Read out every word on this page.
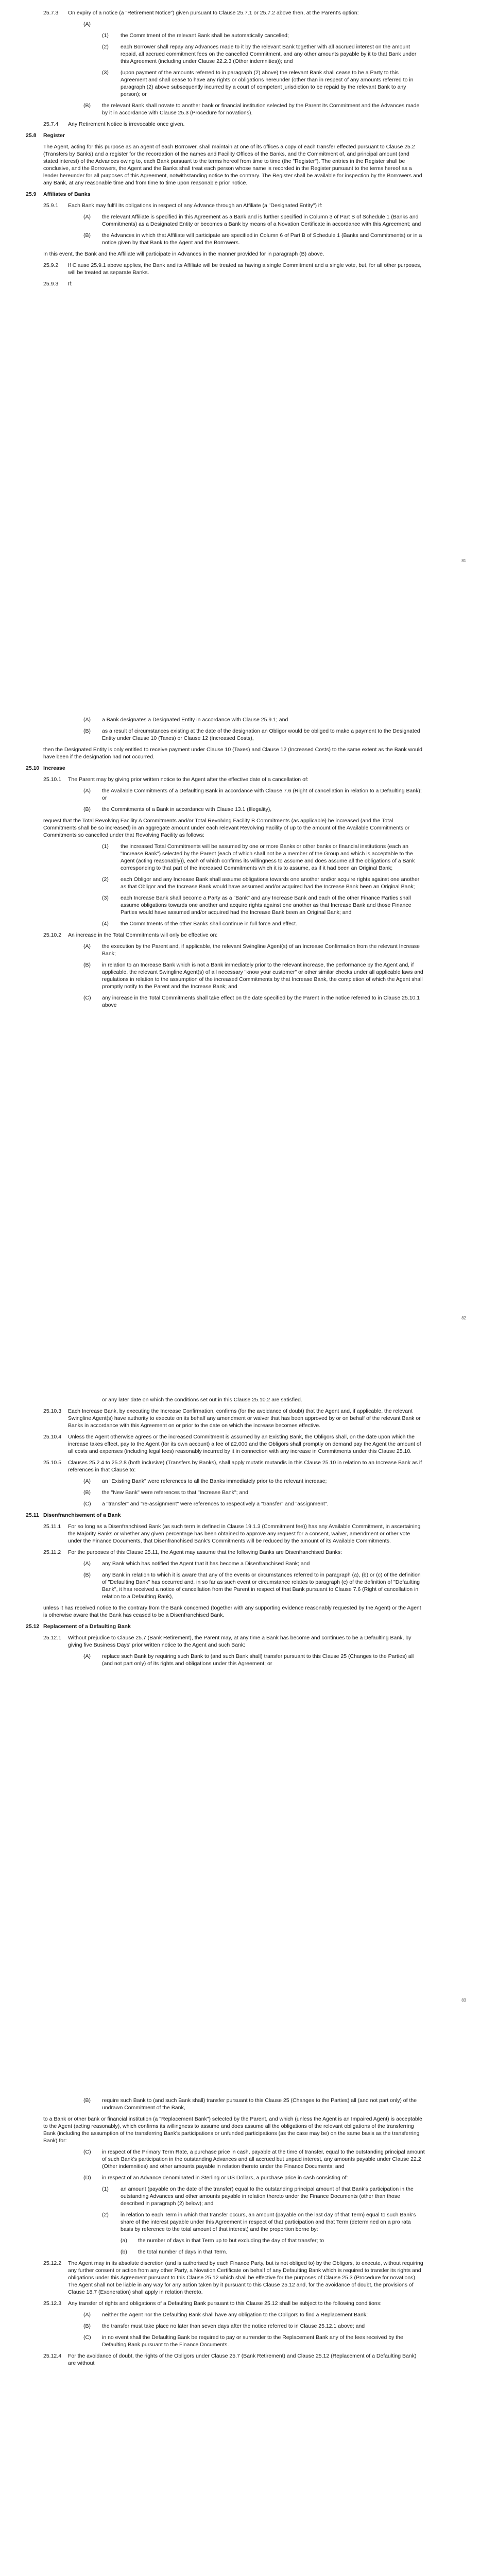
25.7.3	On expiry of a notice (a "Retirement Notice") given pursuant to Clause 25.7.1 or 25.7.2 above then, at the Parent's option:
(A)
(1)	the Commitment of the relevant Bank shall be automatically cancelled;
(2)	each Borrower shall repay any Advances made to it by the relevant Bank together with all accrued interest on the amount repaid, all accrued commitment fees on the cancelled Commitment, and any other amounts payable by it to that Bank under this Agreement (including under Clause 22.2.3 (Other indemnities)); and
(3)	(upon payment of the amounts referred to in paragraph (2) above) the relevant Bank shall cease to be a Party to this Agreement and shall cease to have any rights or obligations hereunder (other than in respect of any amounts referred to in paragraph (2) above subsequently incurred by a court of competent jurisdiction to be repaid by the relevant Bank to any person); or
(B)	the relevant Bank shall novate to another bank or financial institution selected by the Parent its Commitment and the Advances made by it in accordance with Clause 25.3 (Procedure for novations).
25.7.4	Any Retirement Notice is irrevocable once given.
25.8	Register
The Agent, acting for this purpose as an agent of each Borrower, shall maintain at one of its offices a copy of each transfer effected pursuant to Clause 25.2 (Transfers by Banks) and a register for the recordation of the names and Facility Offices of the Banks, and the Commitment of, and principal amount (and stated interest) of the Advances owing to, each Bank pursuant to the terms hereof from time to time (the "Register"). The entries in the Register shall be conclusive, and the Borrowers, the Agent and the Banks shall treat each person whose name is recorded in the Register pursuant to the terms hereof as a lender hereunder for all purposes of this Agreement, notwithstanding notice to the contrary. The Register shall be available for inspection by the Borrowers and any Bank, at any reasonable time and from time to time upon reasonable prior notice.
25.9	Affiliates of Banks
25.9.1	Each Bank may fulfil its obligations in respect of any Advance through an Affiliate (a "Designated Entity") if:
(A)	the relevant Affiliate is specified in this Agreement as a Bank and is further specified in Column 3 of Part B of Schedule 1 (Banks and Commitments) as a Designated Entity or becomes a Bank by means of a Novation Certificate in accordance with this Agreement; and
(B)	the Advances in which that Affiliate will participate are specified in Column 6 of Part B of Schedule 1 (Banks and Commitments) or in a notice given by that Bank to the Agent and the Borrowers.
In this event, the Bank and the Affiliate will participate in Advances in the manner provided for in paragraph (B) above.
25.9.2	If Clause 25.9.1 above applies, the Bank and its Affiliate will be treated as having a single Commitment and a single vote, but, for all other purposes, will be treated as separate Banks.
25.9.3	If:
81
(A)	a Bank designates a Designated Entity in accordance with Clause 25.9.1; and
(B)	as a result of circumstances existing at the date of the designation an Obligor would be obliged to make a payment to the Designated Entity under Clause 10 (Taxes) or Clause 12 (Increased Costs),
then the Designated Entity is only entitled to receive payment under Clause 10 (Taxes) and Clause 12 (Increased Costs) to the same extent as the Bank would have been if the designation had not occurred.
25.10 Increase
25.10.1	The Parent may by giving prior written notice to the Agent after the effective date of a cancellation of:
(A)	the Available Commitments of a Defaulting Bank in accordance with Clause 7.6 (Right of cancellation in relation to a Defaulting Bank); or
(B)	the Commitments of a Bank in accordance with Clause 13.1 (Illegality),
request that the Total Revolving Facility A Commitments and/or Total Revolving Facility B Commitments (as applicable) be increased (and the Total Commitments shall be so increased) in an aggregate amount under each relevant Revolving Facility of up to the amount of the Available Commitments or Commitments so cancelled under that Revolving Facility as follows:
(1)	the increased Total Commitments will be assumed by one or more Banks or other banks or financial institutions (each an "Increase Bank") selected by the Parent (each of which shall not be a member of the Group and which is acceptable to the Agent (acting reasonably)), each of which confirms its willingness to assume and does assume all the obligations of a Bank corresponding to that part of the increased Commitments which it is to assume, as if it had been an Original Bank;
(2)	each Obligor and any Increase Bank shall assume obligations towards one another and/or acquire rights against one another as that Obligor and the Increase Bank would have assumed and/or acquired had the Increase Bank been an Original Bank;
(3)	each Increase Bank shall become a Party as a "Bank" and any Increase Bank and each of the other Finance Parties shall assume obligations towards one another and acquire rights against one another as that Increase Bank and those Finance Parties would have assumed and/or acquired had the Increase Bank been an Original Bank; and
(4)	the Commitments of the other Banks shall continue in full force and effect.
25.10.2	An increase in the Total Commitments will only be effective on:
(A)	the execution by the Parent and, if applicable, the relevant Swingline Agent(s) of an Increase Confirmation from the relevant Increase Bank;
(B)	in relation to an Increase Bank which is not a Bank immediately prior to the relevant increase, the performance by the Agent and, if applicable, the relevant Swingline Agent(s) of all necessary "know your customer" or other similar checks under all applicable laws and regulations in relation to the assumption of the increased Commitments by that Increase Bank, the completion of which the Agent shall promptly notify to the Parent and the Increase Bank; and
(C)	any increase in the Total Commitments shall take effect on the date specified by the Parent in the notice referred to in Clause 25.10.1 above
82
or any later date on which the conditions set out in this Clause 25.10.2 are satisfied.
25.10.3	Each Increase Bank, by executing the Increase Confirmation, confirms (for the avoidance of doubt) that the Agent and, if applicable, the relevant Swingline Agent(s) have authority to execute on its behalf any amendment or waiver that has been approved by or on behalf of the relevant Bank or Banks in accordance with this Agreement on or prior to the date on which the increase becomes effective.
25.10.4	Unless the Agent otherwise agrees or the increased Commitment is assumed by an Existing Bank, the Obligors shall, on the date upon which the increase takes effect, pay to the Agent (for its own account) a fee of £2,000 and the Obligors shall promptly on demand pay the Agent the amount of all costs and expenses (including legal fees) reasonably incurred by it in connection with any increase in Commitments under this Clause 25.10.
25.10.5	Clauses 25.2.4 to 25.2.8 (both inclusive) (Transfers by Banks), shall apply mutatis mutandis in this Clause 25.10 in relation to an Increase Bank as if references in that Clause to:
(A)	an "Existing Bank" were references to all the Banks immediately prior to the relevant increase;
(B)	the "New Bank" were references to that "Increase Bank"; and
(C)	a "transfer" and "re-assignment" were references to respectively a "transfer" and "assignment".
25.11 Disenfranchisement of a Bank
25.11.1	For so long as a Disenfranchised Bank (as such term is defined in Clause 19.1.3 (Commitment fee)) has any Available Commitment, in ascertaining the Majority Banks or whether any given percentage has been obtained to approve any request for a consent, waiver, amendment or other vote under the Finance Documents, that Disenfranchised Bank's Commitments will be reduced by the amount of its Available Commitments.
25.11.2	For the purposes of this Clause 25.11, the Agent may assume that the following Banks are Disenfranchised Banks:
(A)	any Bank which has notified the Agent that it has become a Disenfranchised Bank; and
(B)	any Bank in relation to which it is aware that any of the events or circumstances referred to in paragraph (a), (b) or (c) of the definition of "Defaulting Bank" has occurred and, in so far as such event or circumstance relates to paragraph (c) of the definition of "Defaulting Bank", it has received a notice of cancellation from the Parent in respect of that Bank pursuant to Clause 7.6 (Right of cancellation in relation to a Defaulting Bank),
unless it has received notice to the contrary from the Bank concerned (together with any supporting evidence reasonably requested by the Agent) or the Agent is otherwise aware that the Bank has ceased to be a Disenfranchised Bank.
25.12 Replacement of a Defaulting Bank
25.12.1	Without prejudice to Clause 25.7 (Bank Retirement), the Parent may, at any time a Bank has become and continues to be a Defaulting Bank, by giving five Business Days' prior written notice to the Agent and such Bank:
(A)	replace such Bank by requiring such Bank to (and such Bank shall) transfer pursuant to this Clause 25 (Changes to the Parties) all (and not part only) of its rights and obligations under this Agreement; or
83
(B)	require such Bank to (and such Bank shall) transfer pursuant to this Clause 25 (Changes to the Parties) all (and not part only) of the undrawn Commitment of the Bank,
to a Bank or other bank or financial institution (a "Replacement Bank") selected by the Parent, and which (unless the Agent is an Impaired Agent) is acceptable to the Agent (acting reasonably), which confirms its willingness to assume and does assume all the obligations of the relevant obligations of the transferring Bank (including the assumption of the transferring Bank's participations or unfunded participations (as the case may be) on the same basis as the transferring Bank) for:
(C)	in respect of the Primary Term Rate, a purchase price in cash, payable at the time of transfer, equal to the outstanding principal amount of such Bank's participation in the outstanding Advances and all accrued but unpaid interest, any amounts payable under Clause 22.2 (Other indemnities) and other amounts payable in relation thereto under the Finance Documents; and
(D)	in respect of an Advance denominated in Sterling or US Dollars, a purchase price in cash consisting of:
(1)	an amount (payable on the date of the transfer) equal to the outstanding principal amount of that Bank's participation in the outstanding Advances and other amounts payable in relation thereto under the Finance Documents (other than those described in paragraph (2) below); and
(2)	in relation to each Term in which that transfer occurs, an amount (payable on the last day of that Term) equal to such Bank's share of the interest payable under this Agreement in respect of that participation and that Term (determined on a pro rata basis by reference to the total amount of that interest) and the proportion borne by:
(a)	the number of days in that Term up to but excluding the day of that transfer; to
(b)	the total number of days in that Term.
25.12.2	The Agent may in its absolute discretion (and is authorised by each Finance Party, but is not obliged to) by the Obligors, to execute, without requiring any further consent or action from any other Party, a Novation Certificate on behalf of any Defaulting Bank which is required to transfer its rights and obligations under this Agreement pursuant to this Clause 25.12 which shall be effective for the purposes of Clause 25.3 (Procedure for novations). The Agent shall not be liable in any way for any action taken by it pursuant to this Clause 25.12 and, for the avoidance of doubt, the provisions of Clause 18.7 (Exoneration) shall apply in relation thereto.
25.12.3	Any transfer of rights and obligations of a Defaulting Bank pursuant to this Clause 25.12 shall be subject to the following conditions:
(A)	neither the Agent nor the Defaulting Bank shall have any obligation to the Obligors to find a Replacement Bank;
(B)	the transfer must take place no later than seven days after the notice referred to in Clause 25.12.1 above; and
(C)	in no event shall the Defaulting Bank be required to pay or surrender to the Replacement Bank any of the fees received by the Defaulting Bank pursuant to the Finance Documents.
25.12.4	For the avoidance of doubt, the rights of the Obligors under Clause 25.7 (Bank Retirement) and Clause 25.12 (Replacement of a Defaulting Bank) are without
